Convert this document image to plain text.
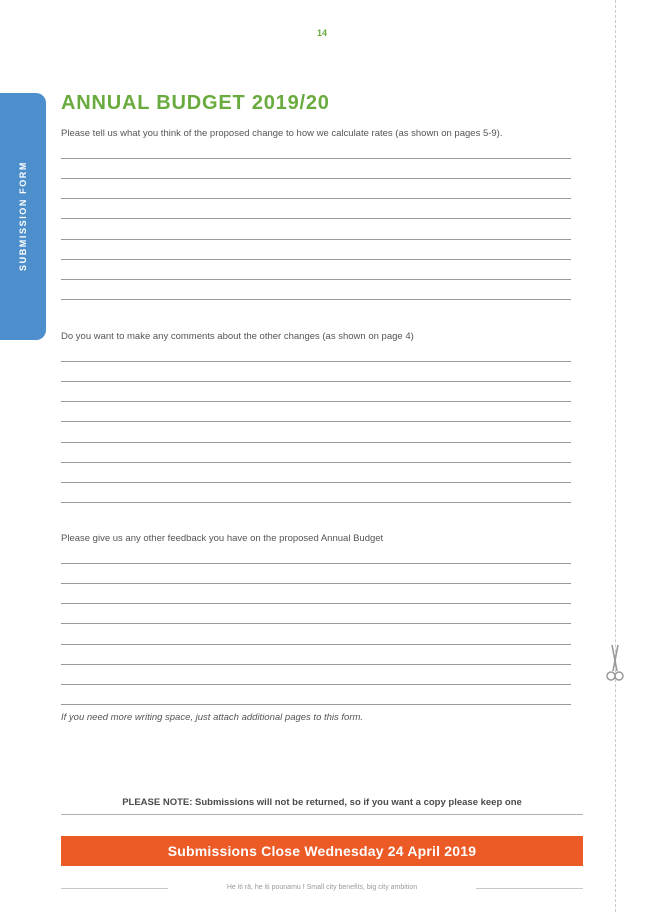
14
SUBMISSION FORM
ANNUAL BUDGET 2019/20
Please tell us what you think of the proposed change to how we calculate rates (as shown on pages 5-9).
Do you want to make any comments about the other changes (as shown on page 4)
Please give us any other feedback you have on the proposed Annual Budget
If you need more writing space, just attach additional pages to this form.
PLEASE NOTE: Submissions will not be returned, so if you want a copy please keep one
Submissions Close Wednesday 24 April 2019
He iti rā, he iti pounamu I Small city benefits, big city ambition
